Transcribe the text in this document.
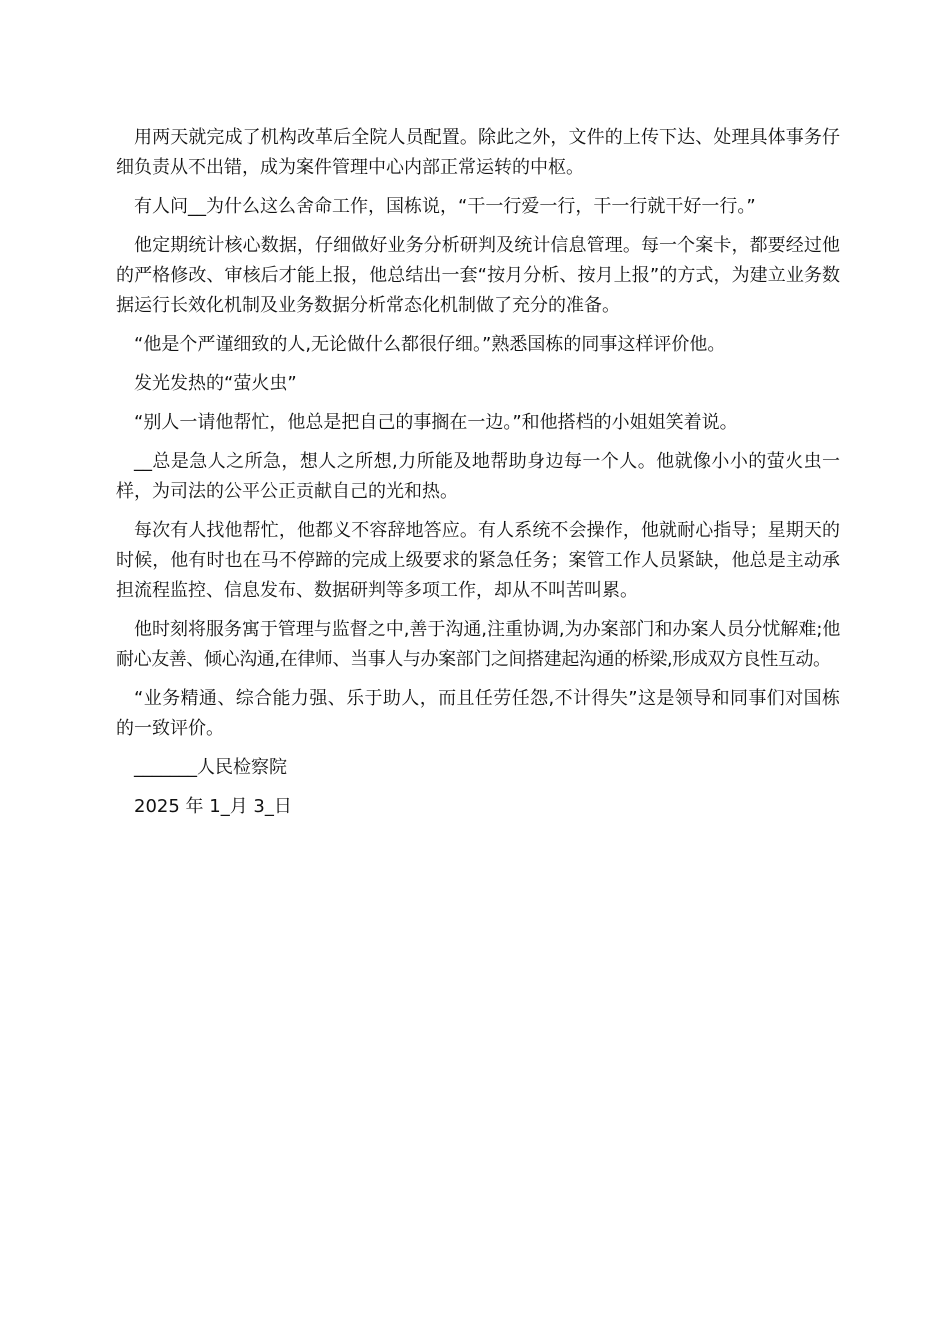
用两天就完成了机构改革后全院人员配置。除此之外，文件的上传下达、处理具体事务仔细负责从不出错，成为案件管理中心内部正常运转的中枢。

有人问__为什么这么舍命工作，国栋说，“干一行爱一行，干一行就干好一行。”

他定期统计核心数据，仔细做好业务分析研判及统计信息管理。每一个案卡，都要经过他的严格修改、审核后才能上报，他总结出一套“按月分析、按月上报”的方式，为建立业务数据运行长效化机制及业务数据分析常态化机制做了充分的准备。

“他是个严谨细致的人,无论做什么都很仔细。”熟悉国栋的同事这样评价他。

发光发热的“萤火虫”

“别人一请他帮忙，他总是把自己的事搁在一边。”和他搭档的小姐姐笑着说。

__总是急人之所急，想人之所想,力所能及地帮助身边每一个人。他就像小小的萤火虫一样，为司法的公平公正贡献自己的光和热。

每次有人找他帮忙，他都义不容辞地答应。有人系统不会操作，他就耐心指导；星期天的时候，他有时也在马不停蹄的完成上级要求的紧急任务；案管工作人员紧缺，他总是主动承担流程监控、信息发布、数据研判等多项工作，却从不叫苦叫累。

他时刻将服务寓于管理与监督之中,善于沟通,注重协调,为办案部门和办案人员分忧解难;他耐心友善、倾心沟通,在律师、当事人与办案部门之间搭建起沟通的桥梁,形成双方良性互动。

“业务精通、综合能力强、乐于助人，而且任劳任怨,不计得失”这是领导和同事们对国栋的一致评价。

_______人民检察院

2025 年 1_月 3_日
